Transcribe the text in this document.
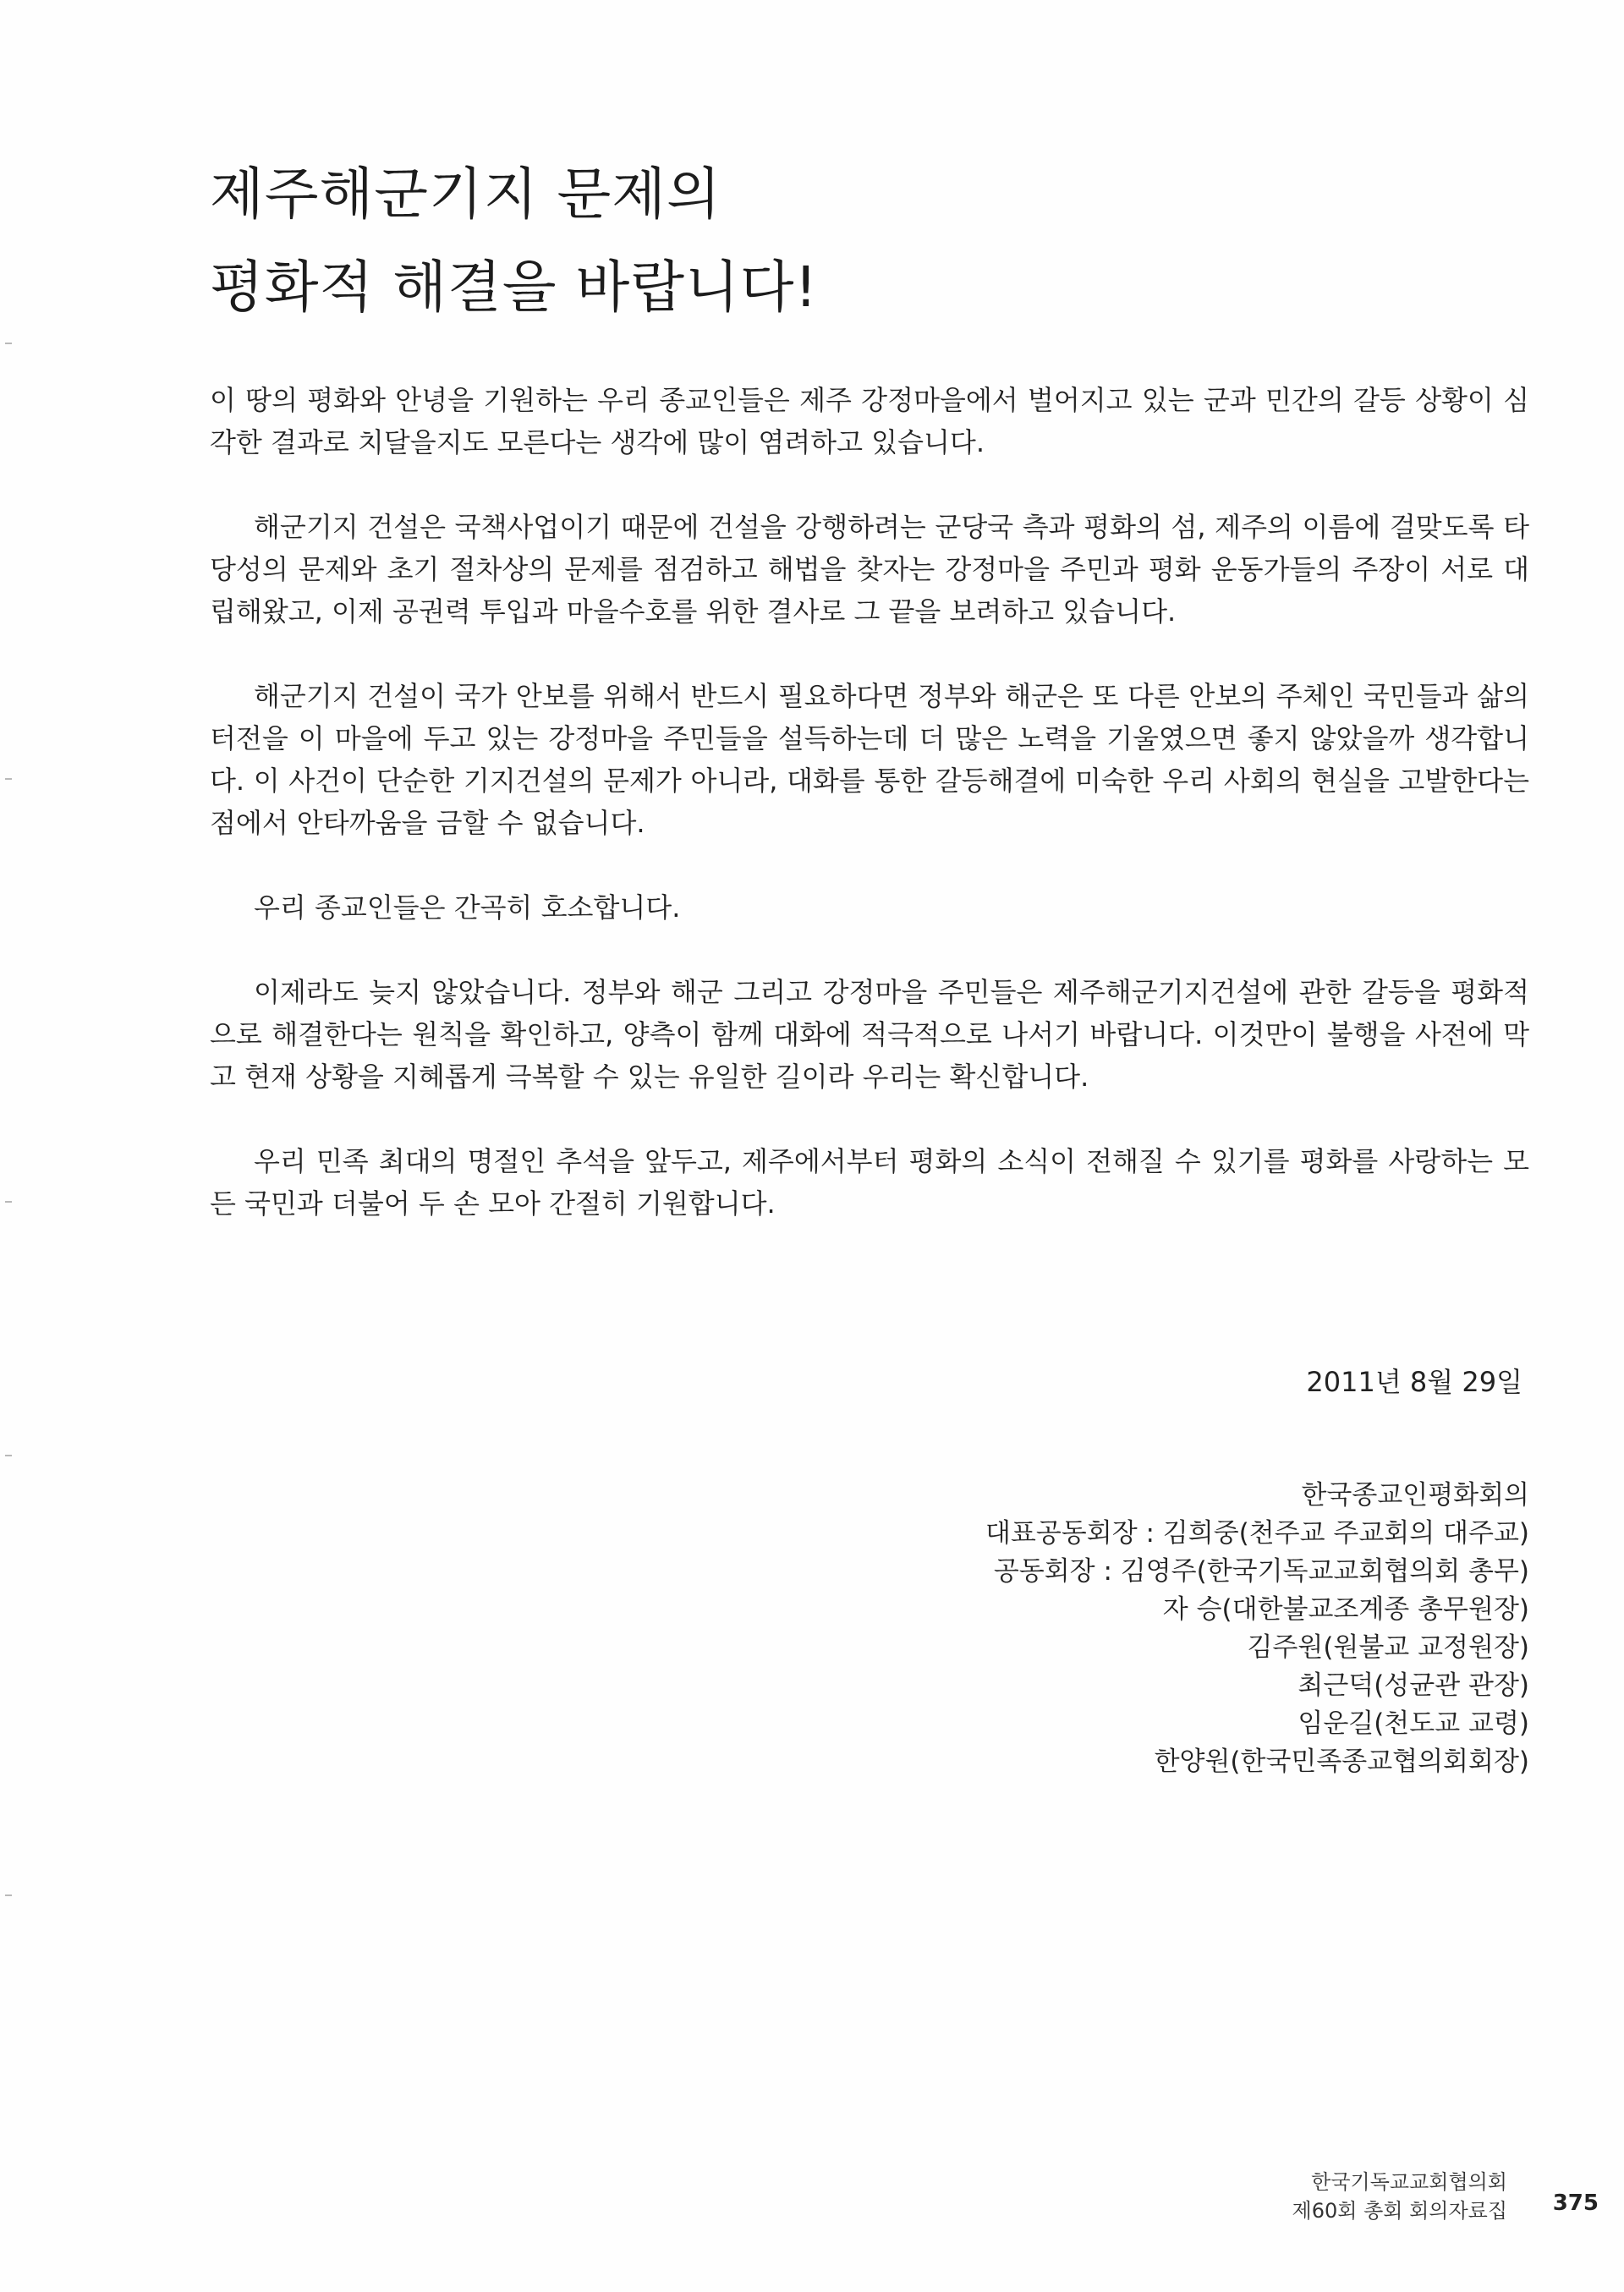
제주해군기지 문제의
평화적 해결을 바랍니다!

이 땅의 평화와 안녕을 기원하는 우리 종교인들은 제주 강정마을에서 벌어지고 있는 군과 민간의 갈등 상황이 심각한 결과로 치달을지도 모른다는 생각에 많이 염려하고 있습니다.

해군기지 건설은 국책사업이기 때문에 건설을 강행하려는 군당국 측과 평화의 섬, 제주의 이름에 걸맞도록 타당성의 문제와 초기 절차상의 문제를 점검하고 해법을 찾자는 강정마을 주민과 평화 운동가들의 주장이 서로 대립해왔고, 이제 공권력 투입과 마을수호를 위한 결사로 그 끝을 보려하고 있습니다.

해군기지 건설이 국가 안보를 위해서 반드시 필요하다면 정부와 해군은 또 다른 안보의 주체인 국민들과 삶의 터전을 이 마을에 두고 있는 강정마을 주민들을 설득하는데 더 많은 노력을 기울였으면 좋지 않았을까 생각합니다. 이 사건이 단순한 기지건설의 문제가 아니라, 대화를 통한 갈등해결에 미숙한 우리 사회의 현실을 고발한다는 점에서 안타까움을 금할 수 없습니다.

우리 종교인들은 간곡히 호소합니다.

이제라도 늦지 않았습니다. 정부와 해군 그리고 강정마을 주민들은 제주해군기지건설에 관한 갈등을 평화적으로 해결한다는 원칙을 확인하고, 양측이 함께 대화에 적극적으로 나서기 바랍니다. 이것만이 불행을 사전에 막고 현재 상황을 지혜롭게 극복할 수 있는 유일한 길이라 우리는 확신합니다.

우리 민족 최대의 명절인 추석을 앞두고, 제주에서부터 평화의 소식이 전해질 수 있기를 평화를 사랑하는 모든 국민과 더불어 두 손 모아 간절히 기원합니다.

2011년 8월 29일
한국종교인평화회의
대표공동회장 : 김희중(천주교 주교회의 대주교)
공동회장 : 김영주(한국기독교교회협의회 총무)
자 승(대한불교조계종 총무원장)
김주원(원불교 교정원장)
최근덕(성균관 관장)
임운길(천도교 교령)
한양원(한국민족종교협의회회장)
한국기독교교회협의회
제60회 총회 회의자료집 375
